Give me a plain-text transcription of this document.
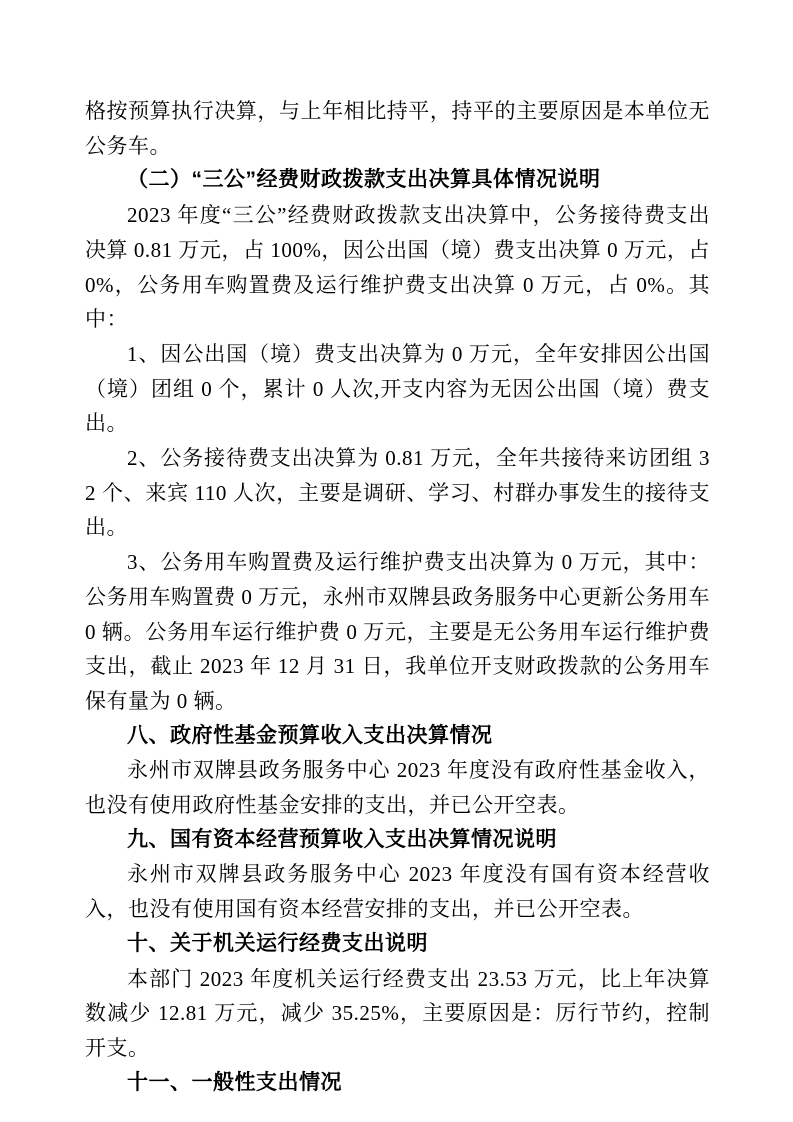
格按预算执行决算，与上年相比持平，持平的主要原因是本单位无公务车。

（二）“三公”经费财政拨款支出决算具体情况说明

2023 年度“三公”经费财政拨款支出决算中，公务接待费支出决算 0.81 万元，占 100%，因公出国（境）费支出决算 0 万元，占 0%，公务用车购置费及运行维护费支出决算 0 万元，占 0%。其中：

1、因公出国（境）费支出决算为 0 万元，全年安排因公出国（境）团组 0 个，累计 0 人次,开支内容为无因公出国（境）费支出。

2、公务接待费支出决算为 0.81 万元，全年共接待来访团组 32 个、来宾 110 人次，主要是调研、学习、村群办事发生的接待支出。

3、公务用车购置费及运行维护费支出决算为 0 万元，其中：公务用车购置费 0 万元，永州市双牌县政务服务中心更新公务用车 0 辆。公务用车运行维护费 0 万元，主要是无公务用车运行维护费支出，截止 2023 年 12 月 31 日，我单位开支财政拨款的公务用车保有量为 0 辆。

八、政府性基金预算收入支出决算情况

永州市双牌县政务服务中心 2023 年度没有政府性基金收入，也没有使用政府性基金安排的支出，并已公开空表。

九、国有资本经营预算收入支出决算情况说明

永州市双牌县政务服务中心 2023 年度没有国有资本经营收入，也没有使用国有资本经营安排的支出，并已公开空表。

十、关于机关运行经费支出说明

本部门 2023 年度机关运行经费支出 23.53 万元，比上年决算数减少 12.81 万元，减少 35.25%，主要原因是：厉行节约，控制开支。

十一、一般性支出情况
